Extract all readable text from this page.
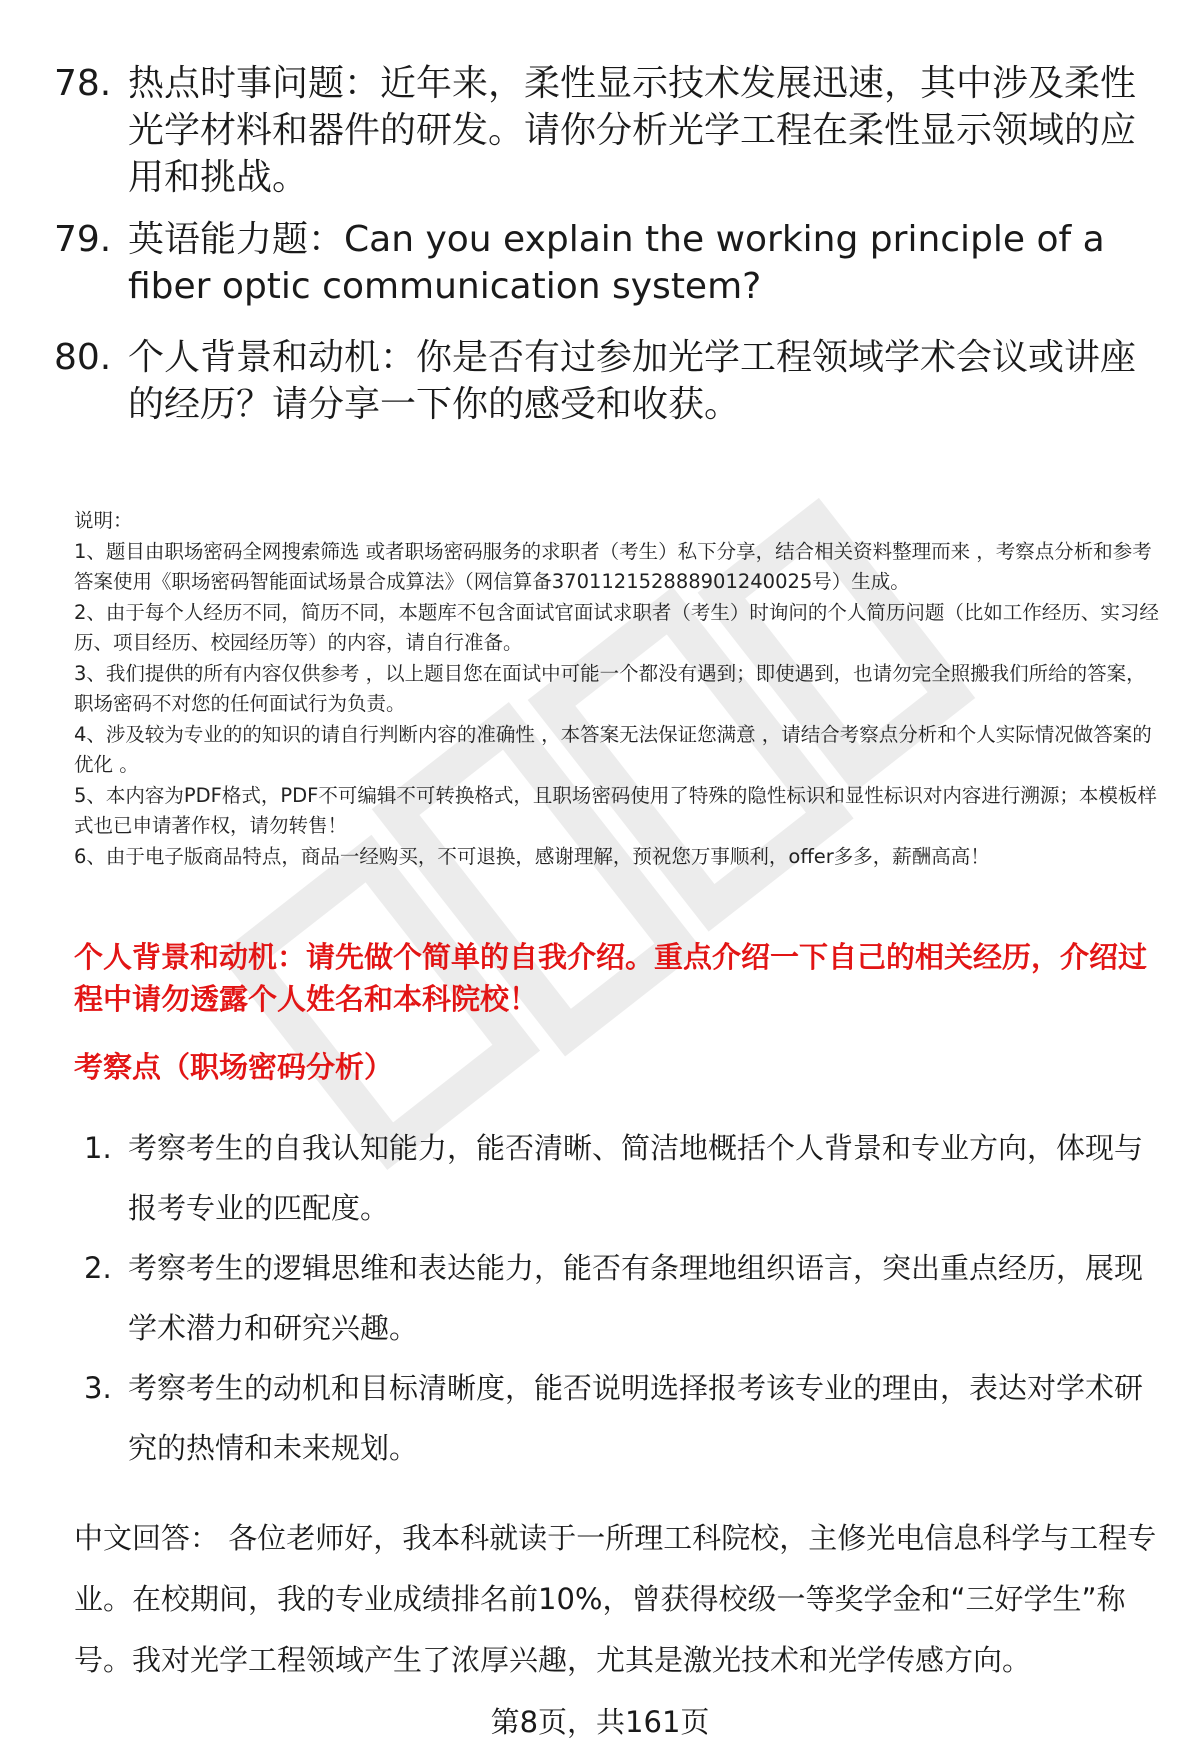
78. 热点时事问题：近年来，柔性显示技术发展迅速，其中涉及柔性光学材料和器件的研发。请你分析光学工程在柔性显示领域的应用和挑战。
79. 英语能力题：Can you explain the working principle of a fiber optic communication system?
80. 个人背景和动机：你是否有过参加光学工程领域学术会议或讲座的经历？请分享一下你的感受和收获。

说明：

1、题目由职场密码全网搜索筛选 或者职场密码服务的求职者（考生）私下分享，结合相关资料整理而来 ，考察点分析和参考答案使用《职场密码智能面试场景合成算法》（网信算备370112152888901240025号）生成。

2、由于每个人经历不同，简历不同，本题库不包含面试官面试求职者（考生）时询问的个人简历问题（比如工作经历、实习经历、项目经历、校园经历等）的内容，请自行准备。

3、我们提供的所有内容仅供参考 ，以上题目您在面试中可能一个都没有遇到；即使遇到，也请勿完全照搬我们所给的答案，职场密码不对您的任何面试行为负责。

4、涉及较为专业的的知识的请自行判断内容的准确性 ，本答案无法保证您满意 ，请结合考察点分析和个人实际情况做答案的优化 。

5、本内容为PDF格式，PDF不可编辑不可转换格式，且职场密码使用了特殊的隐性标识和显性标识对内容进行溯源；本模板样式也已申请著作权，请勿转售！

6、由于电子版商品特点，商品一经购买，不可退换，感谢理解，预祝您万事顺利，offer多多，薪酬高高！

个人背景和动机：请先做个简单的自我介绍。重点介绍一下自己的相关经历，介绍过程中请勿透露个人姓名和本科院校！
考察点（职场密码分析）
1. 考察考生的自我认知能力，能否清晰、简洁地概括个人背景和专业方向，体现与报考专业的匹配度。
2. 考察考生的逻辑思维和表达能力，能否有条理地组织语言，突出重点经历，展现学术潜力和研究兴趣。
3. 考察考生的动机和目标清晰度，能否说明选择报考该专业的理由，表达对学术研究的热情和未来规划。
中文回答： 各位老师好，我本科就读于一所理工科院校，主修光电信息科学与工程专业。在校期间，我的专业成绩排名前10%，曾获得校级一等奖学金和“三好学生”称号。我对光学工程领域产生了浓厚兴趣，尤其是激光技术和光学传感方向。
第8页，共161页
